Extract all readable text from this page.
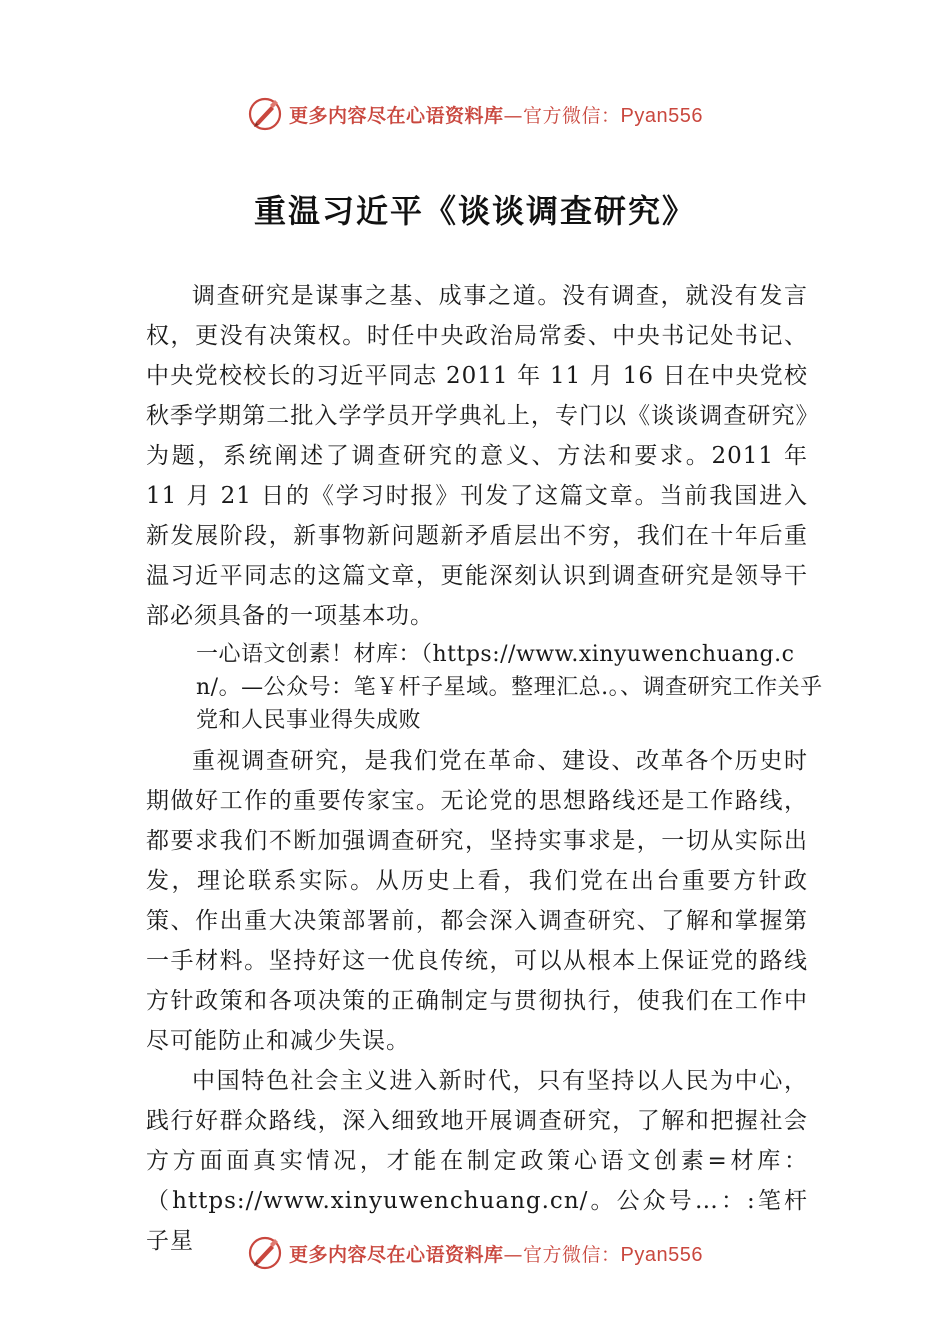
更多内容尽在心语资料库—官方微信：Pyan556
重温习近平《谈谈调查研究》

调查研究是谋事之基、成事之道。没有调查，就没有发言权，更没有决策权。时任中央政治局常委、中央书记处书记、中央党校校长的习近平同志 2011 年 11 月 16 日在中央党校秋季学期第二批入学学员开学典礼上，专门以《谈谈调查研究》为题，系统阐述了调查研究的意义、方法和要求。2011 年 11 月 21 日的《学习时报》刊发了这篇文章。当前我国进入新发展阶段，新事物新问题新矛盾层出不穷，我们在十年后重温习近平同志的这篇文章，更能深刻认识到调查研究是领导干部必须具备的一项基本功。

一心语文创素！材库：（https://www.xinyuwenchuang.cn/。—公众号：笔￥杆子星域。整理汇总.。、调查研究工作关乎党和人民事业得失成败

重视调查研究，是我们党在革命、建设、改革各个历史时期做好工作的重要传家宝。无论党的思想路线还是工作路线，都要求我们不断加强调查研究，坚持实事求是，一切从实际出发，理论联系实际。从历史上看，我们党在出台重要方针政策、作出重大决策部署前，都会深入调查研究、了解和掌握第一手材料。坚持好这一优良传统，可以从根本上保证党的路线方针政策和各项决策的正确制定与贯彻执行，使我们在工作中尽可能防止和减少失误。

中国特色社会主义进入新时代，只有坚持以人民为中心， 践行好群众路线，深入细致地开展调查研究，了解和把握社会方方面面真实情况，才能在制定政策心语文创素=材库：（https://www.xinyuwenchuang.cn/。公众号…：:笔杆子星

更多内容尽在心语资料库—官方微信：Pyan556
